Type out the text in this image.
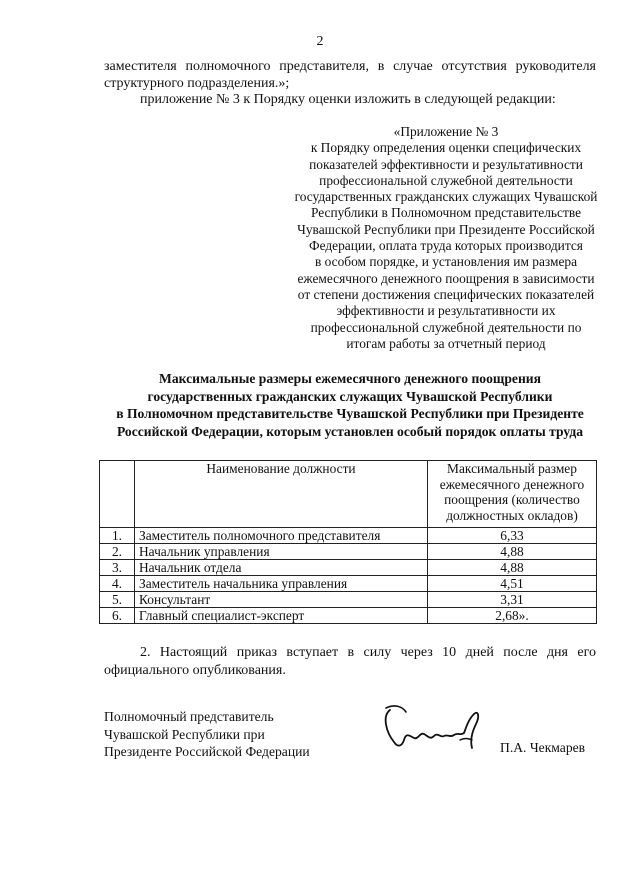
2
заместителя полномочного представителя, в случае отсутствия руководителя структурного подразделения.»;
приложение № 3 к Порядку оценки изложить в следующей редакции:
«Приложение № 3
к Порядку определения оценки специфических
показателей эффективности и результативности
профессиональной служебной деятельности
государственных гражданских служащих Чувашской
Республики в Полномочном представительстве
Чувашской Республики при Президенте Российской
Федерации, оплата труда которых производится
в особом порядке, и установления им размера
ежемесячного денежного поощрения в зависимости
от степени достижения специфических показателей
эффективности и результативности их
профессиональной служебной деятельности по
итогам работы за отчетный период
Максимальные размеры ежемесячного денежного поощрения
государственных гражданских служащих Чувашской Республики
в Полномочном представительстве Чувашской Республики при Президенте
Российской Федерации, которым установлен особый порядок оплаты труда
	Наименование должности	Максимальный размер ежемесячного денежного поощрения (количество должностных окладов)
1.	Заместитель полномочного представителя	6,33
2.	Начальник управления	4,88
3.	Начальник отдела	4,88
4.	Заместитель начальника управления	4,51
5.	Консультант	3,31
6.	Главный специалист-эксперт	2,68».
2. Настоящий приказ вступает в силу через 10 дней после дня его официального опубликования.
Полномочный представитель
Чувашской Республики при
Президенте Российской Федерации	П.А. Чекмарев
